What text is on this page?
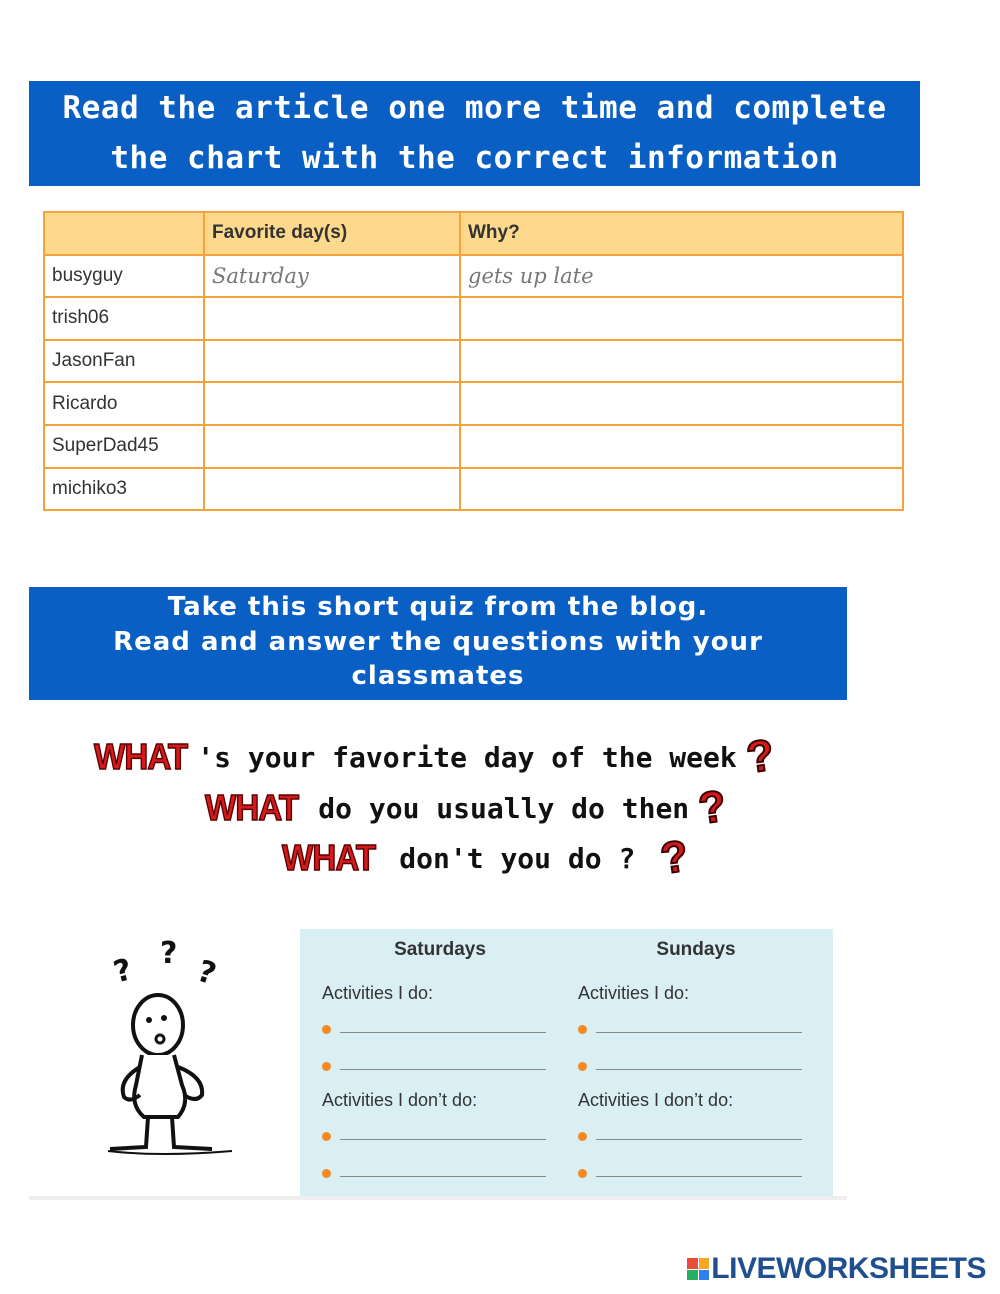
Read the article one more time and complete
the chart with the correct information
	Favorite day(s)	Why?
busyguy	Saturday	gets up late
trish06		
JasonFan		
Ricardo		
SuperDad45		
michiko3		
Take this short quiz from the blog.
Read and answer the questions with your
classmates
WHAT 's your favorite day of the week ?
WHAT do you usually do then ?
WHAT don't you do ? ?
? ?
?
Saturdays
Activities I do:
Activities I don’t do:
Sundays
Activities I do:
Activities I don’t do:
LIVEWORKSHEETS
